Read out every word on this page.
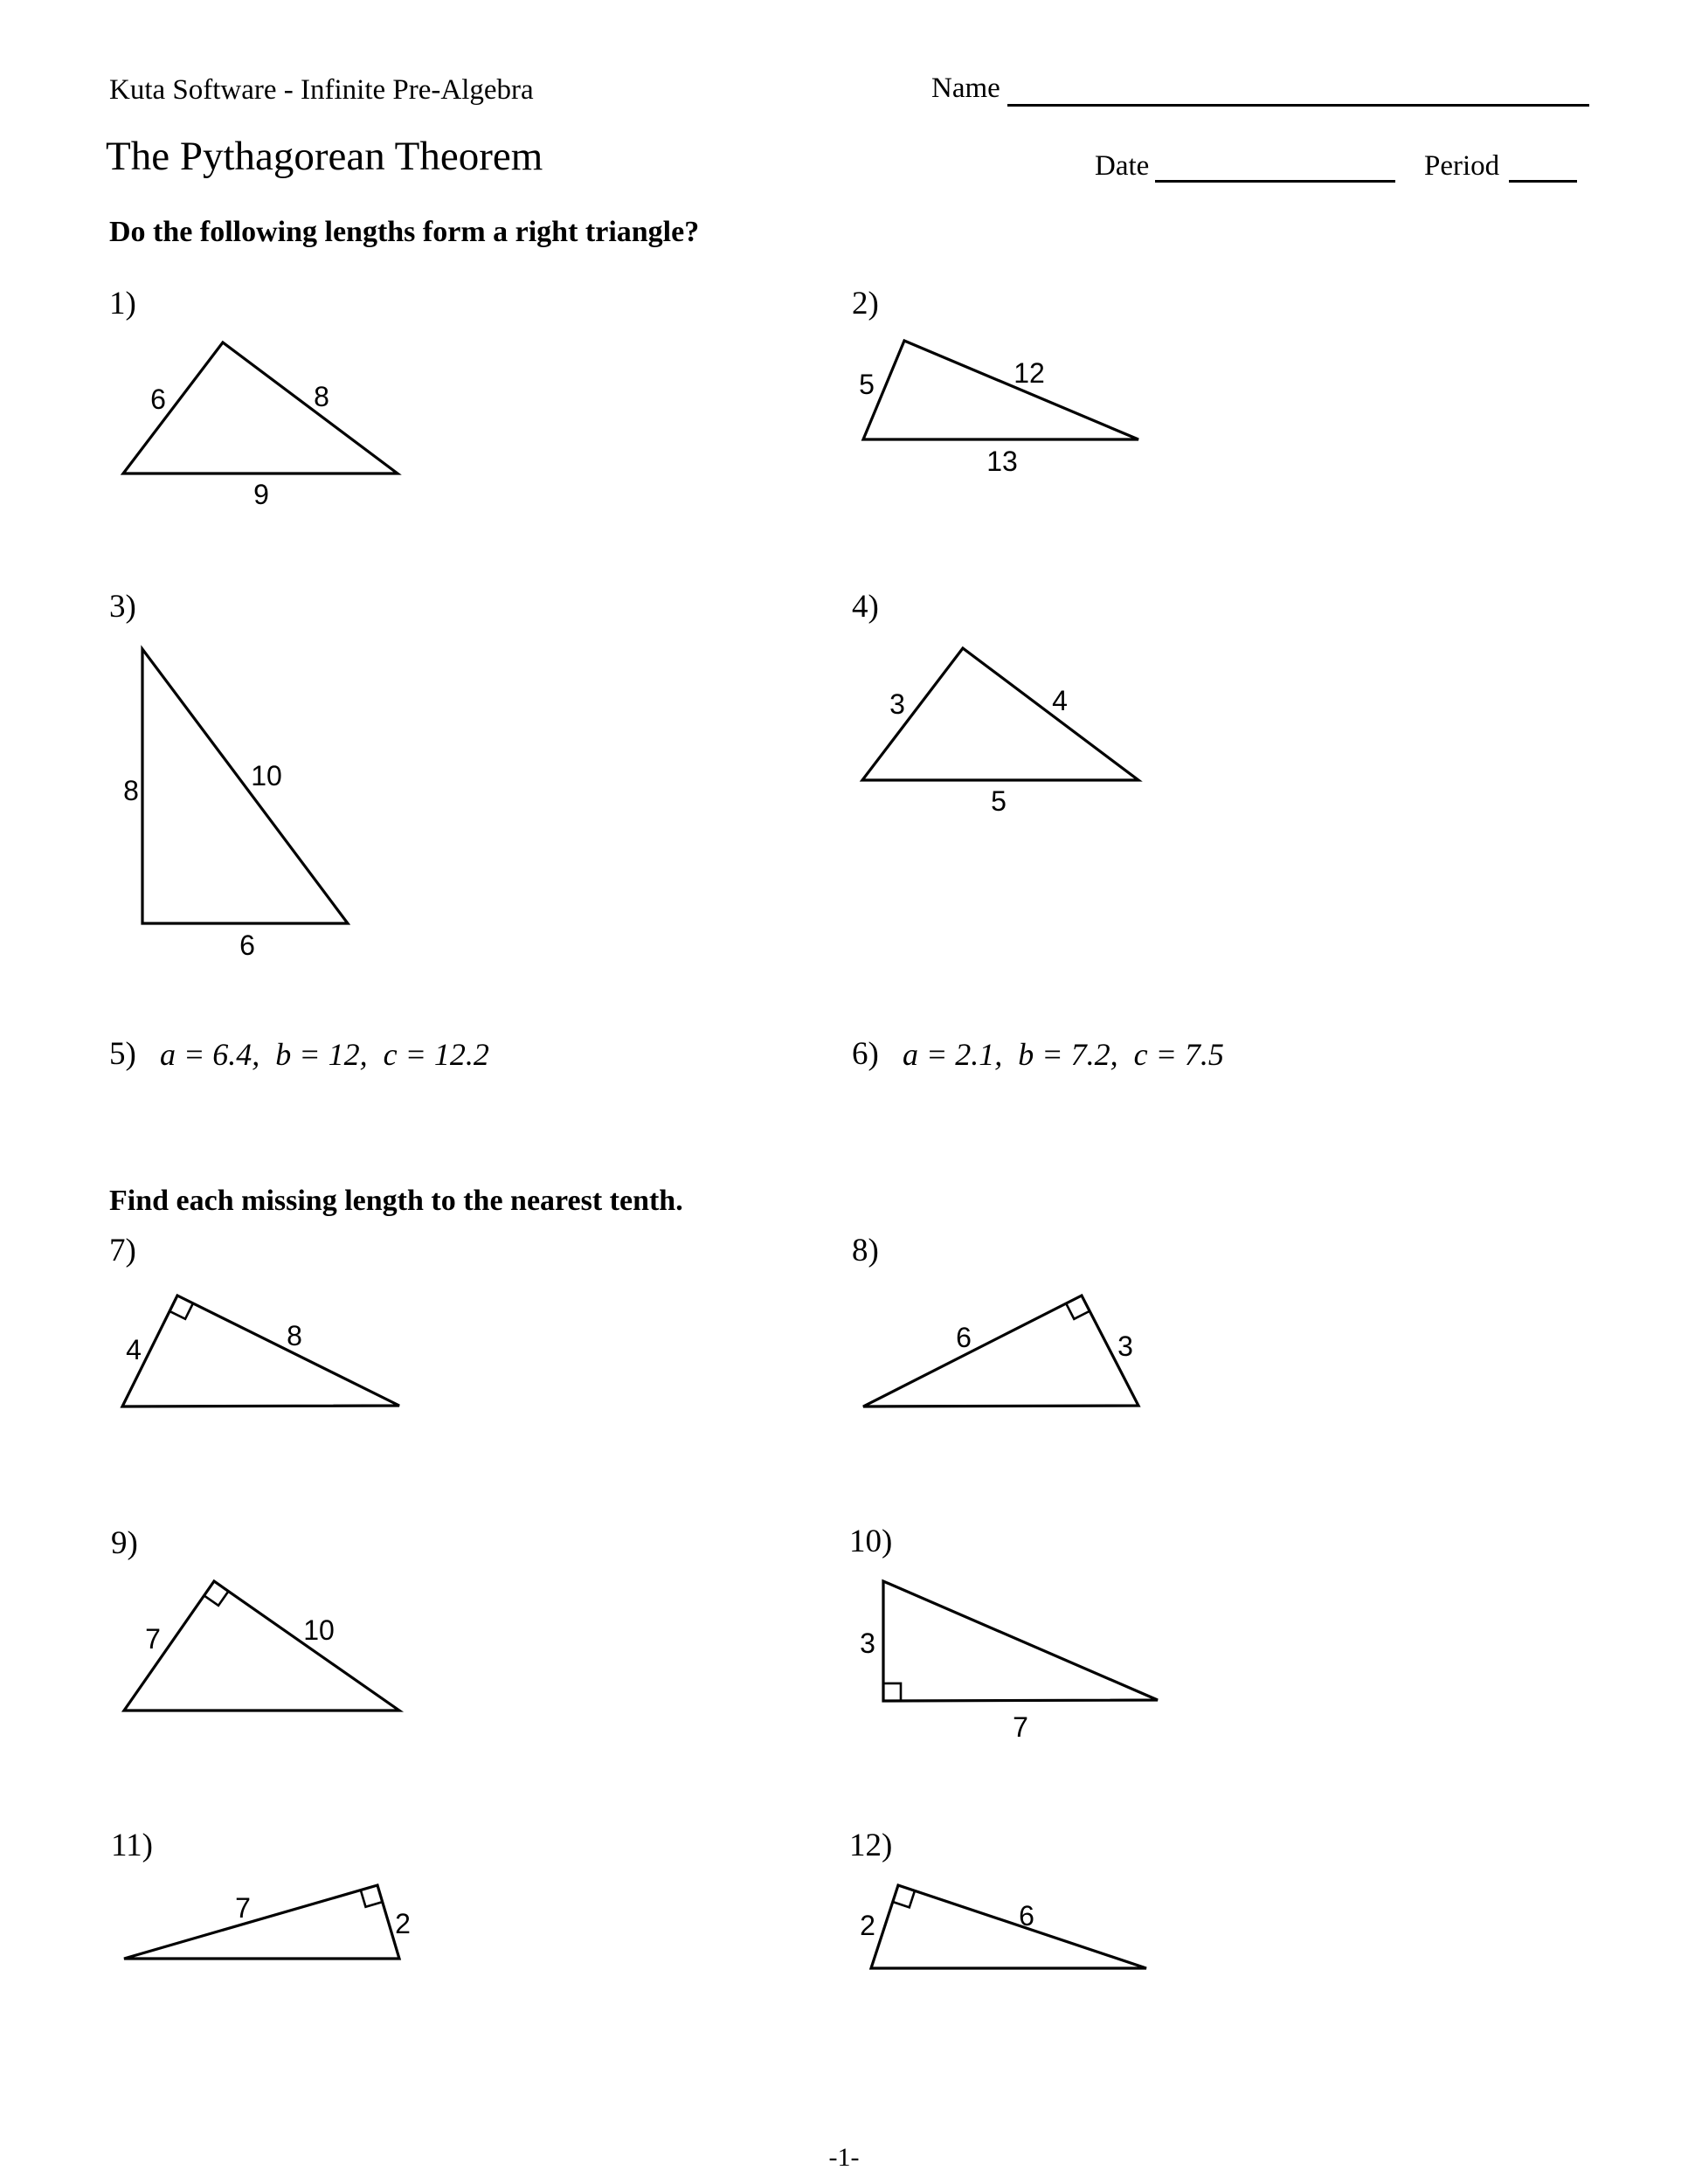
Kuta Software - Infinite Pre-Algebra	Name
The Pythagorean Theorem	Date	Period
Do the following lengths form a right triangle?
Find each missing length to the nearest tenth.
1)	2)
3)	4)
5) a = 6.4,  b = 12,  c = 12.2	6) a = 2.1,  b = 7.2,  c = 7.5
7)	8)
9)	10)
11)	12)
6	8
9
5	12
13
8	10
6
3	4
5
4	8	6	3
7	10	3
7
7	2	2	6
-1-
